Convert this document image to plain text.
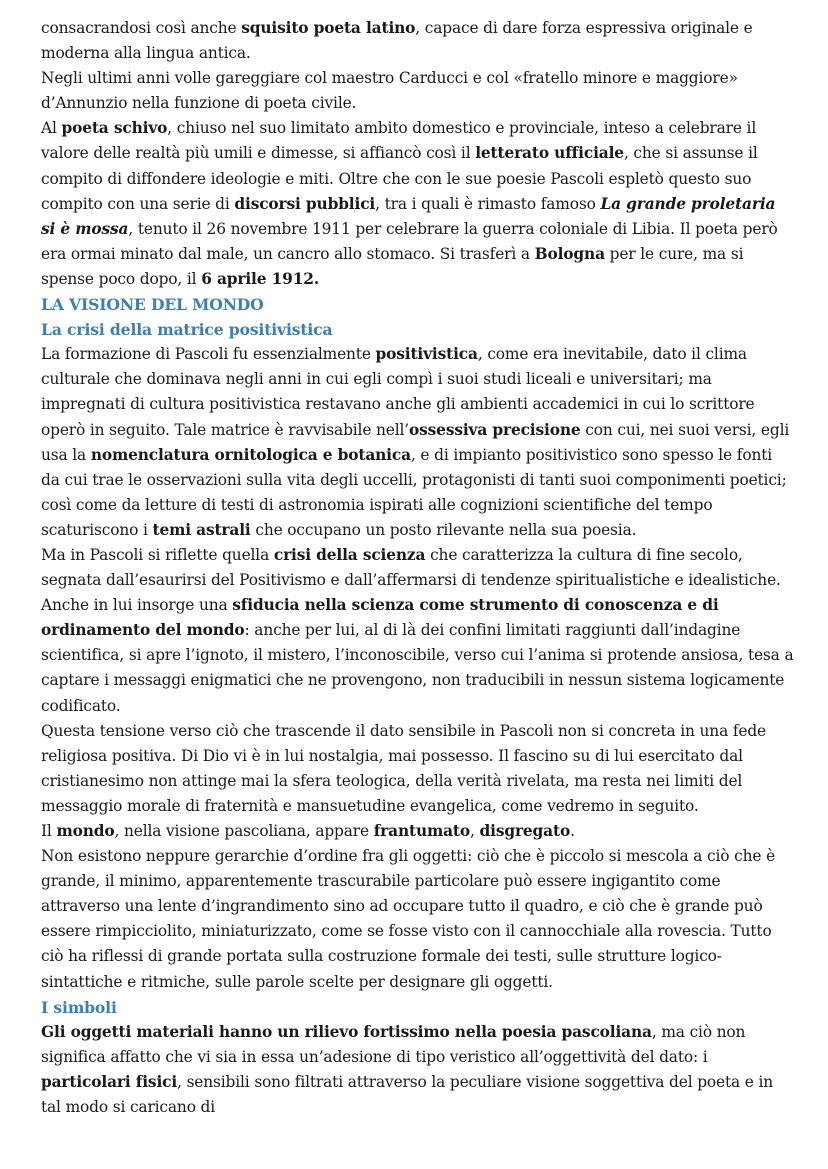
consacrandosi così anche squisito poeta latino, capace di dare forza espressiva originale e moderna alla lingua antica.

Negli ultimi anni volle gareggiare col maestro Carducci e col «fratello minore e maggiore» d’Annunzio nella funzione di poeta civile.

Al poeta schivo, chiuso nel suo limitato ambito domestico e provinciale, inteso a celebrare il valore delle realtà più umili e dimesse, si affiancò così il letterato ufficiale, che si assunse il compito di diffondere ideologie e miti. Oltre che con le sue poesie Pascoli espletò questo suo compito con una serie di discorsi pubblici, tra i quali è rimasto famoso La grande proletaria si è mossa, tenuto il 26 novembre 1911 per celebrare la guerra coloniale di Libia. Il poeta però era ormai minato dal male, un cancro allo stomaco. Si trasferì a Bologna per le cure, ma si spense poco dopo, il 6 aprile 1912.

LA VISIONE DEL MONDO
La crisi della matrice positivistica

La formazione di Pascoli fu essenzialmente positivistica, come era inevitabile, dato il clima culturale che dominava negli anni in cui egli compì i suoi studi liceali e universitari; ma impregnati di cultura positivistica restavano anche gli ambienti accademici in cui lo scrittore operò in seguito. Tale matrice è ravvisabile nell’ossessiva precisione con cui, nei suoi versi, egli usa la nomenclatura ornitologica e botanica, e di impianto positivistico sono spesso le fonti da cui trae le osservazioni sulla vita degli uccelli, protagonisti di tanti suoi componimenti poetici; così come da letture di testi di astronomia ispirati alle cognizioni scientifiche del tempo scaturiscono i temi astrali che occupano un posto rilevante nella sua poesia.

Ma in Pascoli si riflette quella crisi della scienza che caratterizza la cultura di fine secolo, segnata dall’esaurirsi del Positivismo e dall’affermarsi di tendenze spiritualistiche e idealistiche. Anche in lui insorge una sfiducia nella scienza come strumento di conoscenza e di ordinamento del mondo: anche per lui, al di là dei confini limitati raggiunti dall’indagine scientifica, si apre l’ignoto, il mistero, l’inconoscibile, verso cui l’anima si protende ansiosa, tesa a captare i messaggi enigmatici che ne provengono, non traducibili in nessun sistema logicamente codificato.

Questa tensione verso ciò che trascende il dato sensibile in Pascoli non si concreta in una fede religiosa positiva. Di Dio vi è in lui nostalgia, mai possesso. Il fascino su di lui esercitato dal cristianesimo non attinge mai la sfera teologica, della verità rivelata, ma resta nei limiti del messaggio morale di fraternità e mansuetudine evangelica, come vedremo in seguito.

Il mondo, nella visione pascoliana, appare frantumato, disgregato.

Non esistono neppure gerarchie d’ordine fra gli oggetti: ciò che è piccolo si mescola a ciò che è grande, il minimo, apparentemente trascurabile particolare può essere ingigantito come attraverso una lente d’ingrandimento sino ad occupare tutto il quadro, e ciò che è grande può essere rimpicciolito, miniaturizzato, come se fosse visto con il cannocchiale alla rovescia. Tutto ciò ha riflessi di grande portata sulla costruzione formale dei testi, sulle strutture logico-sintattiche e ritmiche, sulle parole scelte per designare gli oggetti.

I simboli

Gli oggetti materiali hanno un rilievo fortissimo nella poesia pascoliana, ma ciò non significa affatto che vi sia in essa un’adesione di tipo veristico all’oggettività del dato: i particolari fisici, sensibili sono filtrati attraverso la peculiare visione soggettiva del poeta e in tal modo si caricano di
